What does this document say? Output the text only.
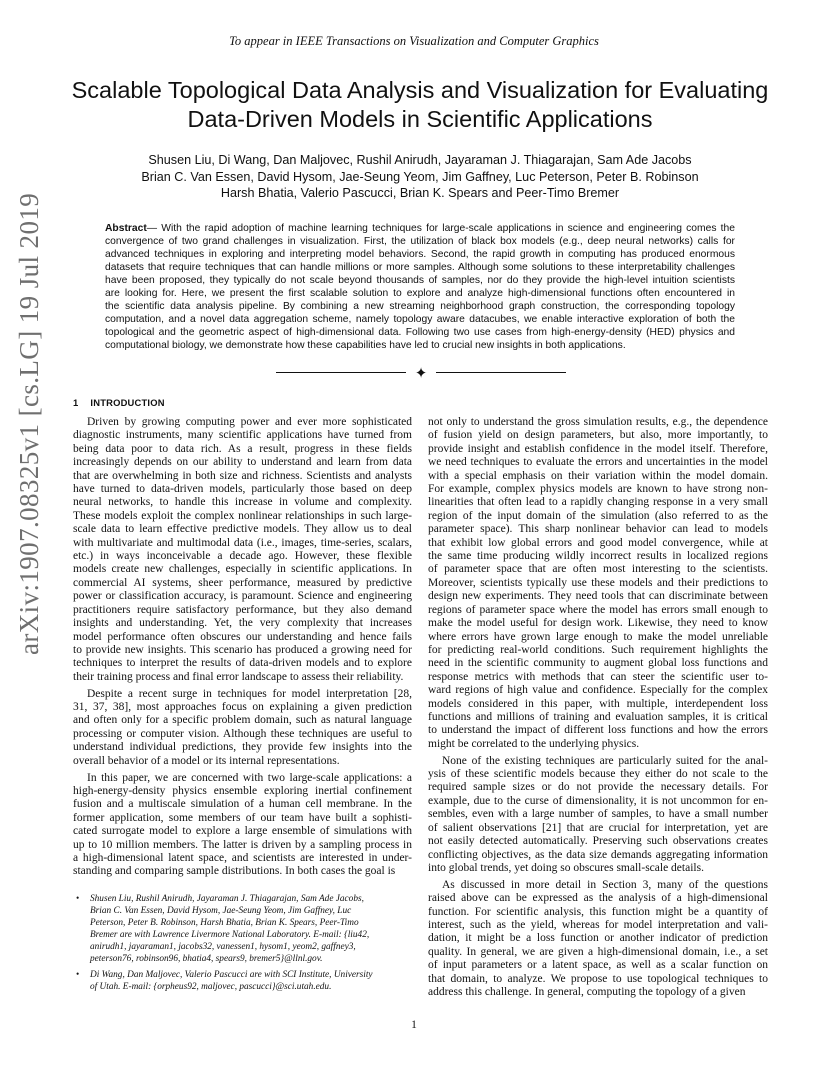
To appear in IEEE Transactions on Visualization and Computer Graphics
arXiv:1907.08325v1 [cs.LG] 19 Jul 2019
Scalable Topological Data Analysis and Visualization for Evaluating
Data-Driven Models in Scientific Applications
Shusen Liu, Di Wang, Dan Maljovec, Rushil Anirudh, Jayaraman J. Thiagarajan, Sam Ade Jacobs
Brian C. Van Essen, David Hysom, Jae-Seung Yeom, Jim Gaffney, Luc Peterson, Peter B. Robinson
Harsh Bhatia, Valerio Pascucci, Brian K. Spears and Peer-Timo Bremer
Abstract— With the rapid adoption of machine learning techniques for large-scale applications in science and engineering comes the
convergence of two grand challenges in visualization. First, the utilization of black box models (e.g., deep neural networks) calls for
advanced techniques in exploring and interpreting model behaviors. Second, the rapid growth in computing has produced enormous
datasets that require techniques that can handle millions or more samples. Although some solutions to these interpretability challenges
have been proposed, they typically do not scale beyond thousands of samples, nor do they provide the high-level intuition scientists
are looking for. Here, we present the first scalable solution to explore and analyze high-dimensional functions often encountered in
the scientific data analysis pipeline. By combining a new streaming neighborhood graph construction, the corresponding topology
computation, and a novel data aggregation scheme, namely topology aware datacubes, we enable interactive exploration of both the
topological and the geometric aspect of high-dimensional data. Following two use cases from high-energy-density (HED) physics and
computational biology, we demonstrate how these capabilities have led to crucial new insights in both applications.
✦
1 INTRODUCTION
Driven by growing computing power and ever more sophisticated
diagnostic instruments, many scientific applications have turned from
being data poor to data rich. As a result, progress in these fields
increasingly depends on our ability to understand and learn from data
that are overwhelming in both size and richness. Scientists and analysts
have turned to data-driven models, particularly those based on deep
neural networks, to handle this increase in volume and complexity.
These models exploit the complex nonlinear relationships in such large-
scale data to learn effective predictive models. They allow us to deal
with multivariate and multimodal data (i.e., images, time-series, scalars,
etc.) in ways inconceivable a decade ago. However, these flexible
models create new challenges, especially in scientific applications. In
commercial AI systems, sheer performance, measured by predictive
power or classification accuracy, is paramount. Science and engineering
practitioners require satisfactory performance, but they also demand
insights and understanding. Yet, the very complexity that increases
model performance often obscures our understanding and hence fails
to provide new insights. This scenario has produced a growing need for
techniques to interpret the results of data-driven models and to explore
their training process and final error landscape to assess their reliability.
Despite a recent surge in techniques for model interpretation [28,
31, 37, 38], most approaches focus on explaining a given prediction
and often only for a specific problem domain, such as natural language
processing or computer vision. Although these techniques are useful to
understand individual predictions, they provide few insights into the
overall behavior of a model or its internal representations.
In this paper, we are concerned with two large-scale applications: a
high-energy-density physics ensemble exploring inertial confinement
fusion and a multiscale simulation of a human cell membrane. In the
former application, some members of our team have built a sophisti-
cated surrogate model to explore a large ensemble of simulations with
up to 10 million members. The latter is driven by a sampling process in
a high-dimensional latent space, and scientists are interested in under-
standing and comparing sample distributions. In both cases the goal is
not only to understand the gross simulation results, e.g., the dependence
of fusion yield on design parameters, but also, more importantly, to
provide insight and establish confidence in the model itself. Therefore,
we need techniques to evaluate the errors and uncertainties in the model
with a special emphasis on their variation within the model domain.
For example, complex physics models are known to have strong non-
linearities that often lead to a rapidly changing response in a very small
region of the input domain of the simulation (also referred to as the
parameter space). This sharp nonlinear behavior can lead to models
that exhibit low global errors and good model convergence, while at
the same time producing wildly incorrect results in localized regions
of parameter space that are often most interesting to the scientists.
Moreover, scientists typically use these models and their predictions to
design new experiments. They need tools that can discriminate between
regions of parameter space where the model has errors small enough to
make the model useful for design work. Likewise, they need to know
where errors have grown large enough to make the model unreliable
for predicting real-world conditions. Such requirement highlights the
need in the scientific community to augment global loss functions and
response metrics with methods that can steer the scientific user to-
ward regions of high value and confidence. Especially for the complex
models considered in this paper, with multiple, interdependent loss
functions and millions of training and evaluation samples, it is critical
to understand the impact of different loss functions and how the errors
might be correlated to the underlying physics.
None of the existing techniques are particularly suited for the anal-
ysis of these scientific models because they either do not scale to the
required sample sizes or do not provide the necessary details. For
example, due to the curse of dimensionality, it is not uncommon for en-
sembles, even with a large number of samples, to have a small number
of salient observations [21] that are crucial for interpretation, yet are
not easily detected automatically. Preserving such observations creates
conflicting objectives, as the data size demands aggregating information
into global trends, yet doing so obscures small-scale details.
As discussed in more detail in Section 3, many of the questions
raised above can be expressed as the analysis of a high-dimensional
function. For scientific analysis, this function might be a quantity of
interest, such as the yield, whereas for model interpretation and vali-
dation, it might be a loss function or another indicator of prediction
quality. In general, we are given a high-dimensional domain, i.e., a set
of input parameters or a latent space, as well as a scalar function on
that domain, to analyze. We propose to use topological techniques to
address this challenge. In general, computing the topology of a given
• Shusen Liu, Rushil Anirudh, Jayaraman J. Thiagarajan, Sam Ade Jacobs,
Brian C. Van Essen, David Hysom, Jae-Seung Yeom, Jim Gaffney, Luc
Peterson, Peter B. Robinson, Harsh Bhatia, Brian K. Spears, Peer-Timo
Bremer are with Lawrence Livermore National Laboratory. E-mail: {liu42,
anirudh1, jayaraman1, jacobs32, vanessen1, hysom1, yeom2, gaffney3,
peterson76, robinson96, bhatia4, spears9, bremer5}@llnl.gov.
• Di Wang, Dan Maljovec, Valerio Pascucci are with SCI Institute, University
of Utah. E-mail: {orpheus92, maljovec, pascucci}@sci.utah.edu.
1
